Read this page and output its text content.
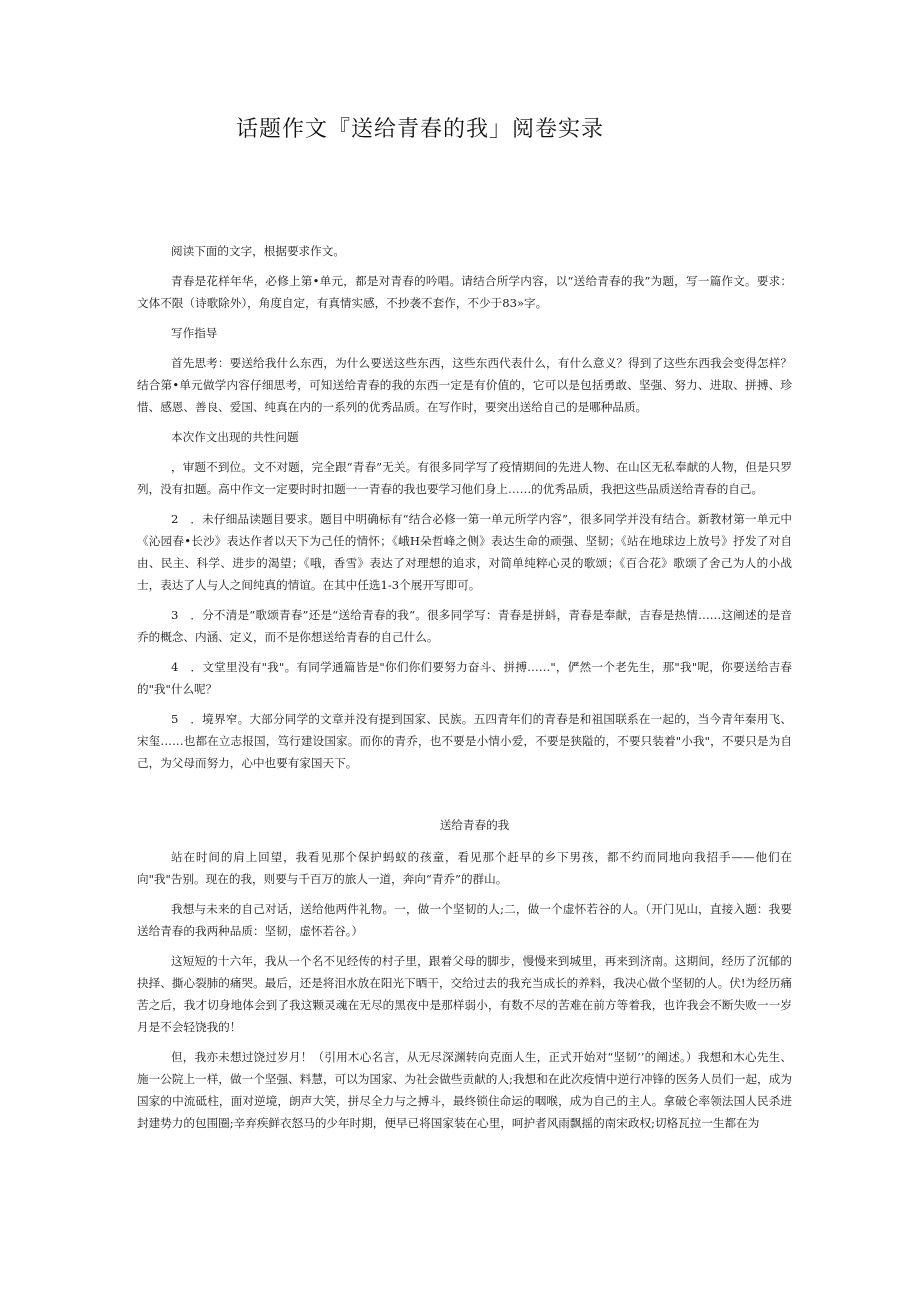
话题作文『送给青春的我」阅卷实录

阅读下面的文字，根据要求作文。

青春是花样年华，必修上第•单元，都是对青春的吟唱。请结合所学内容，以“送给青春的我”为题，写一篇作文。要求：文体不限（诗歌除外），角度自定，有真情实感，不抄袭不套作，不少于83»字。

写作指导

首先思考：要送给我什么东西，为什么要送这些东西，这些东西代表什么，有什么意义？得到了这些东西我会变得怎样？结合第•单元做学内容仔细思考，可知送给青春的我的东西一定是有价值的，它可以是包括勇敢、坚强、努力、进取、拼搏、珍惜、感恩、善良、爱国、纯真在内的一系列的优秀品质。在写作时，要突出送给自己的是哪种品质。

本次作文出现的共性问题

，审题不到位。文不对题，完全跟“青春”无关。有很多同学写了疫情期间的先进人物、在山区无私奉献的人物，但是只罗列，没有扣题。高中作文一定要时时扣题一一青春的我也要学习他们身上……的优秀品质，我把这些品质送给青春的自己。

2　．未仔细品读题目要求。题目中明确标有“结合必修一第一单元所学内容”，很多同学并没有结合。新教材第一单元中《沁园春•长沙》表达作者以天下为己任的情怀；《峨H朵哲峰之侧》表达生命的顽强、坚韧；《站在地球边上放号》抒发了对自由、民主、科学、进步的渴望；《哦，香雪》表达了对理想的追求，对简单纯粹心灵的歌颂；《百合花》歌颂了舍己为人的小战士，表达了人与人之间纯真的情谊。在其中任选1-3个展开写即可。

3　．分不清是“歌颂青春”还是“送给青春的我“。很多同学写：青春是拼蚪，青春是奉献，吉春是热情……这阐述的是音乔的概念、内涵、定义，而不是你想送给青春的自己什么。

4　．文堂里没有"我"。有同学通篇皆是"你们你们要努力奋斗、拼搏……"，俨然一个老先生，那"我"呢，你要送给吉春的"我"什么呢？

5　．境界窄。大部分同学的文章并没有提到国家、民族。五四青年们的青春是和祖国联系在一起的，当今青年秦用飞、宋玺……也都在立志报国，笃行建设国家。而你的青乔，也不要是小情小爱，不要是狭隘的，不要只装着"小我"，不要只是为自己，为父母而努力，心中也要有家国天下。

送给青春的我

站在时间的肩上回望，我看见那个保护蚂蚁的孩童，看见那个赶早的乡下男孩，都不约而同地向我招手——他们在向"我"告别。现在的我，则要与千百万的旅人一道，奔向“青乔”的群山。

我想与未来的自己对话，送给他两件礼物。一，做一个坚韧的人;二，做一个虚怀若谷的人。（开门见山，直接入题：我要送给青春的我两种品质：坚韧，虚怀若谷。）

这短短的十六年，我从一个名不见经传的村子里，跟着父母的脚步，慢慢来到城里，再来到济南。这期间，经历了沉郁的抉择、撕心裂肺的痛哭。最后，还是将泪水放在阳光下晒干，交给过去的我充当成长的养料，我决心做个坚韧的人。伏!为经历痛苦之后，我才切身地体会到了我这颗灵魂在无尽的黑夜中是那样弱小，有数不尽的苦难在前方等着我，也许我会不断失败一一岁月是不会轻饶我的！

但，我亦未想过饶过岁月！（引用木心名言，从无尽深渊转向克面人生，正式开始对“坚韧’’的阐述。）我想和木心先生、施一公院上一样，做一个坚强、料慧，可以为国家、为社会做些贡献的人;我想和在此次疫情中逆行冲锋的医务人员们一起，成为国家的中流砥柱，面对逆境，朗声大笑，拼尽全力与之搏斗，最终锁住命运的咽喉，成为自己的主人。拿破仑率领法国人民杀进封建势力的包围圈;辛弃疾鲜衣怒马的少年时期，便早已将国家装在心里，呵护者风雨飘摇的南宋政权;切格瓦拉一生都在为
